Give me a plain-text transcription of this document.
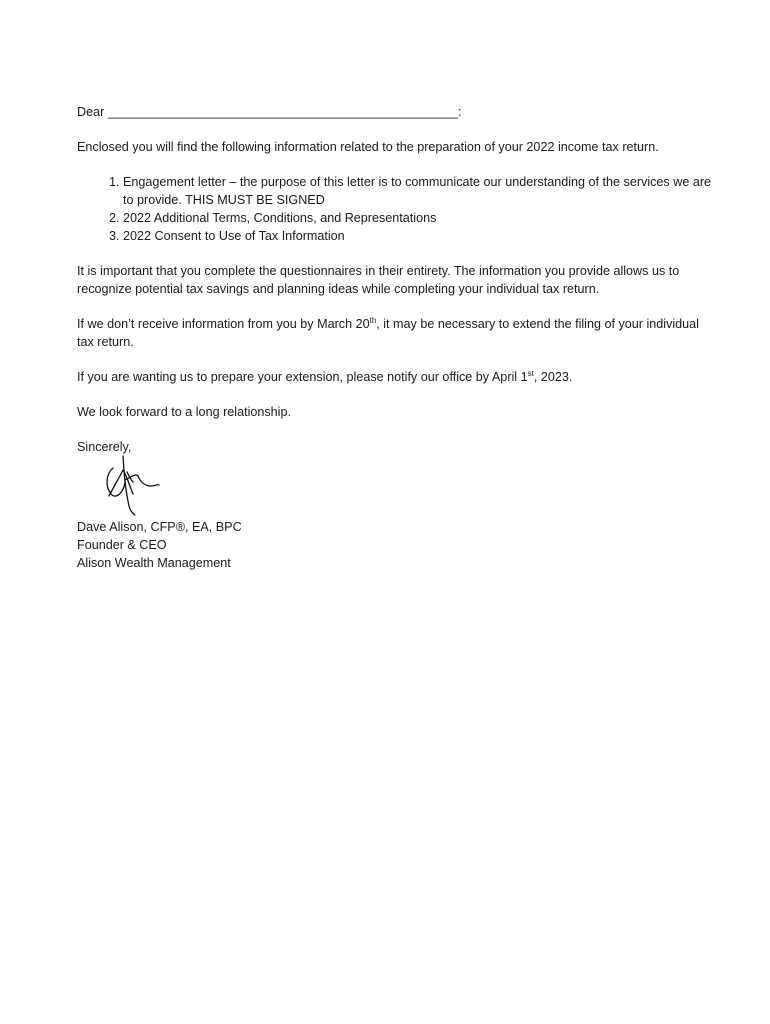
Dear __________________________________________________:

Enclosed you will find the following information related to the preparation of your 2022 income tax return.

1. Engagement letter – the purpose of this letter is to communicate our understanding of the services we are to provide. THIS MUST BE SIGNED
2. 2022 Additional Terms, Conditions, and Representations
3. 2022 Consent to Use of Tax Information

It is important that you complete the questionnaires in their entirety. The information you provide allows us to recognize potential tax savings and planning ideas while completing your individual tax return.

If we don’t receive information from you by March 20th, it may be necessary to extend the filing of your individual tax return.

If you are wanting us to prepare your extension, please notify our office by April 1st, 2023.

We look forward to a long relationship.

Sincerely,

Dave Alison, CFP®, EA, BPC
Founder & CEO
Alison Wealth Management
